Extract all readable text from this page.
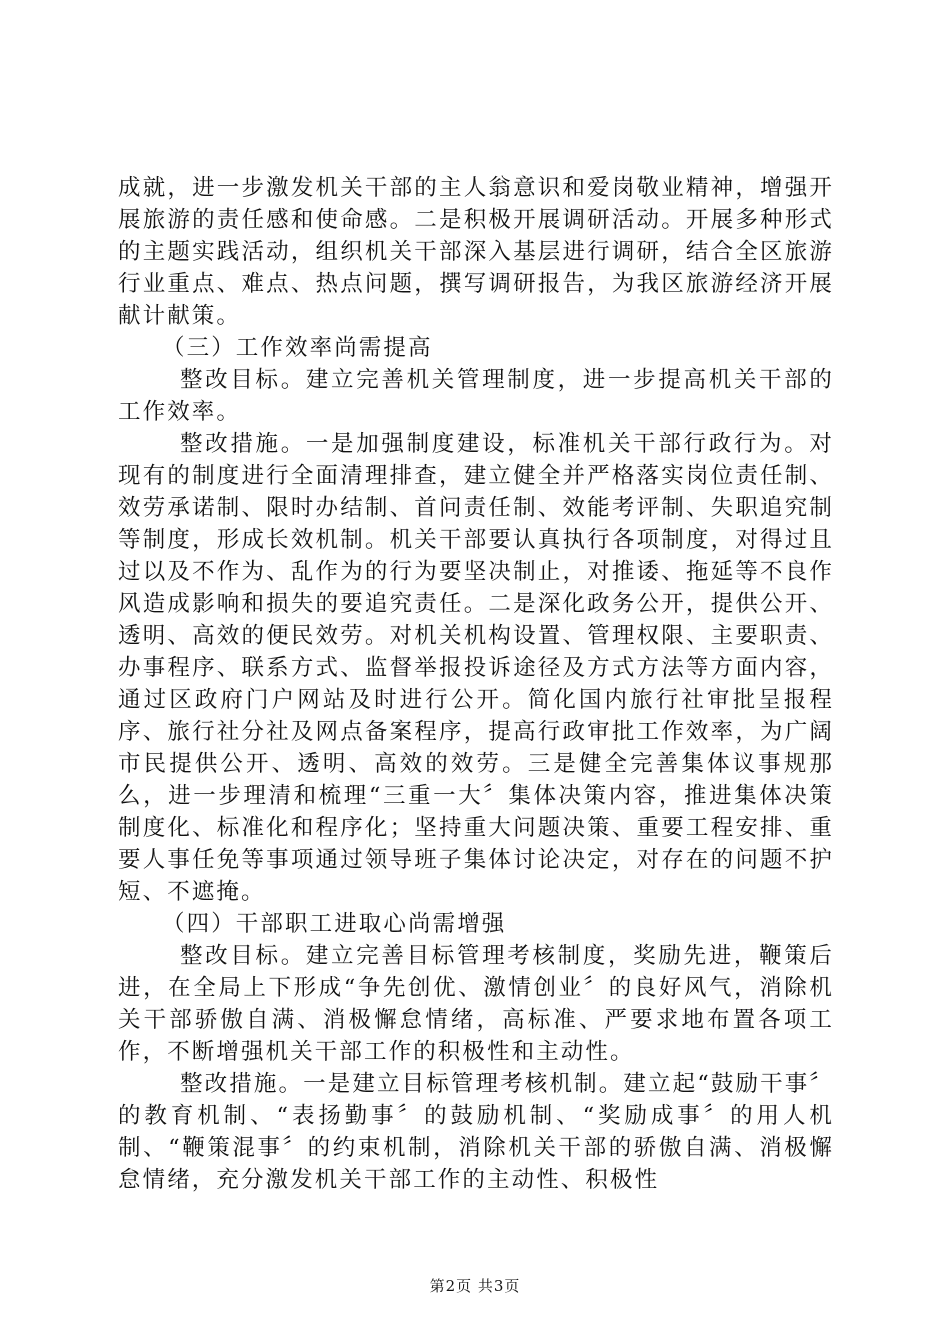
成就，进一步激发机关干部的主人翁意识和爱岗敬业精神，增强开展旅游的责任感和使命感。二是积极开展调研活动。开展多种形式的主题实践活动，组织机关干部深入基层进行调研，结合全区旅游行业重点、难点、热点问题，撰写调研报告，为我区旅游经济开展献计献策。

（三）工作效率尚需提高

整改目标。建立完善机关管理制度，进一步提高机关干部的工作效率。

整改措施。一是加强制度建设，标准机关干部行政行为。对现有的制度进行全面清理排查，建立健全并严格落实岗位责任制、效劳承诺制、限时办结制、首问责任制、效能考评制、失职追究制等制度，形成长效机制。机关干部要认真执行各项制度，对得过且过以及不作为、乱作为的行为要坚决制止，对推诿、拖延等不良作风造成影响和损失的要追究责任。二是深化政务公开，提供公开、透明、高效的便民效劳。对机关机构设置、管理权限、主要职责、办事程序、联系方式、监督举报投诉途径及方式方法等方面内容，通过区政府门户网站及时进行公开。简化国内旅行社审批呈报程序、旅行社分社及网点备案程序，提高行政审批工作效率，为广阔市民提供公开、透明、高效的效劳。三是健全完善集体议事规那么，进一步理清和梳理“三重一大〞集体决策内容，推进集体决策制度化、标准化和程序化；坚持重大问题决策、重要工程安排、重要人事任免等事项通过领导班子集体讨论决定，对存在的问题不护短、不遮掩。

（四）干部职工进取心尚需增强

整改目标。建立完善目标管理考核制度，奖励先进，鞭策后进，在全局上下形成“争先创优、激情创业〞的良好风气，消除机关干部骄傲自满、消极懈怠情绪，高标准、严要求地布置各项工作，不断增强机关干部工作的积极性和主动性。

整改措施。一是建立目标管理考核机制。建立起“鼓励干事〞的教育机制、“表扬勤事〞的鼓励机制、“奖励成事〞的用人机制、“鞭策混事〞的约束机制，消除机关干部的骄傲自满、消极懈怠情绪，充分激发机关干部工作的主动性、积极性

第2页 共3页
